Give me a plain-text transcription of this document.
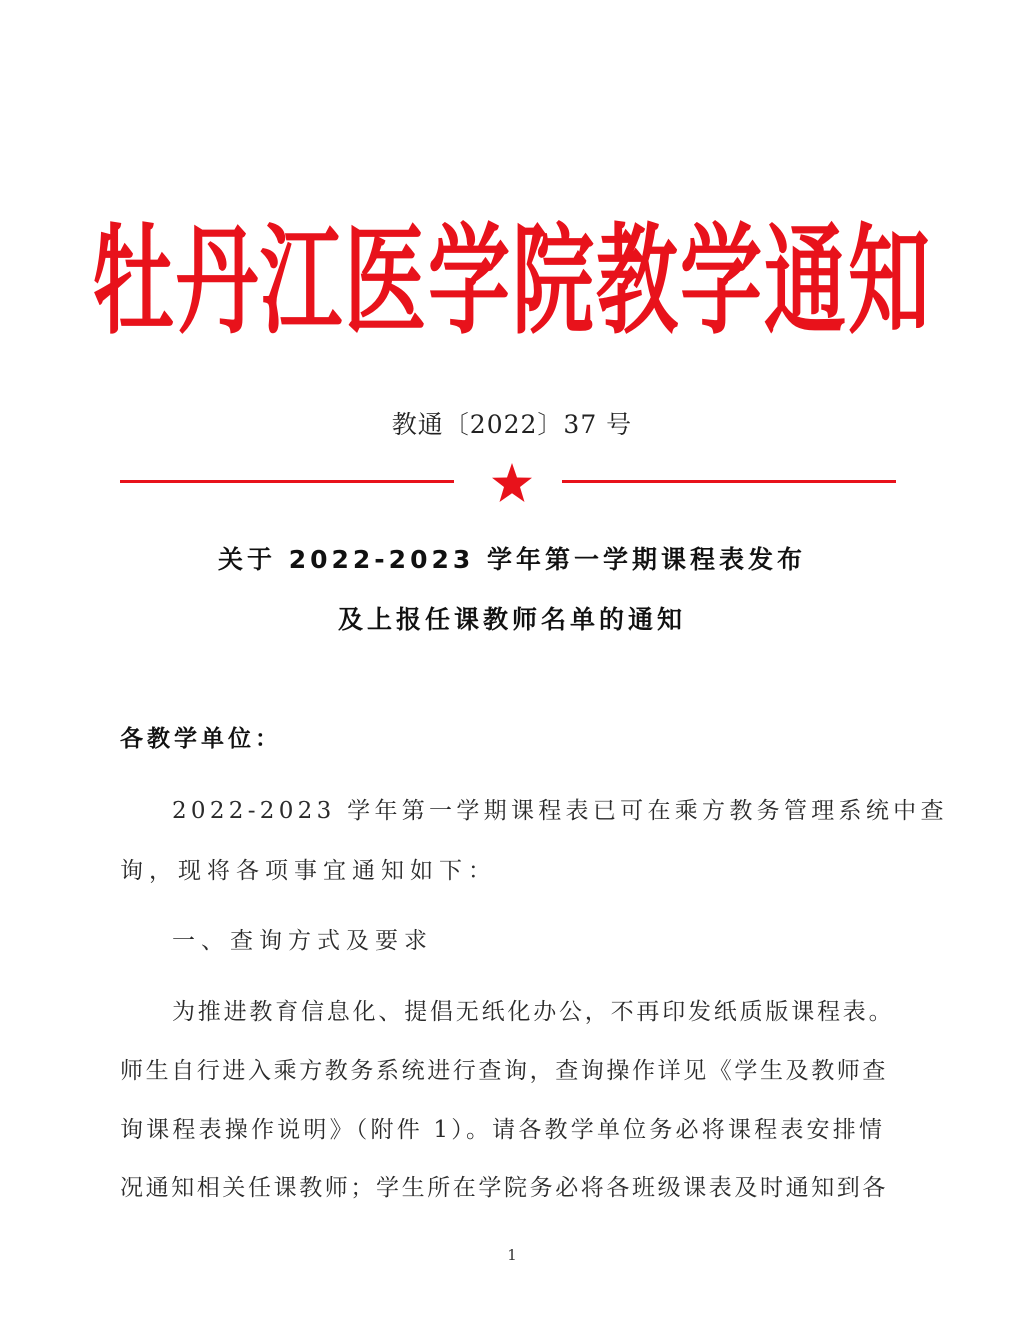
牡丹江医学院教学通知
教通〔2022〕37 号
关于 2022-2023 学年第一学期课程表发布
及上报任课教师名单的通知
各教学单位：
2022-2023 学年第一学期课程表已可在乘方教务管理系统中查
询，现将各项事宜通知如下：
一、查询方式及要求
为推进教育信息化、提倡无纸化办公，不再印发纸质版课程表。
师生自行进入乘方教务系统进行查询，查询操作详见《学生及教师查
询课程表操作说明》（附件 1）。请各教学单位务必将课程表安排情
况通知相关任课教师；学生所在学院务必将各班级课表及时通知到各
1
